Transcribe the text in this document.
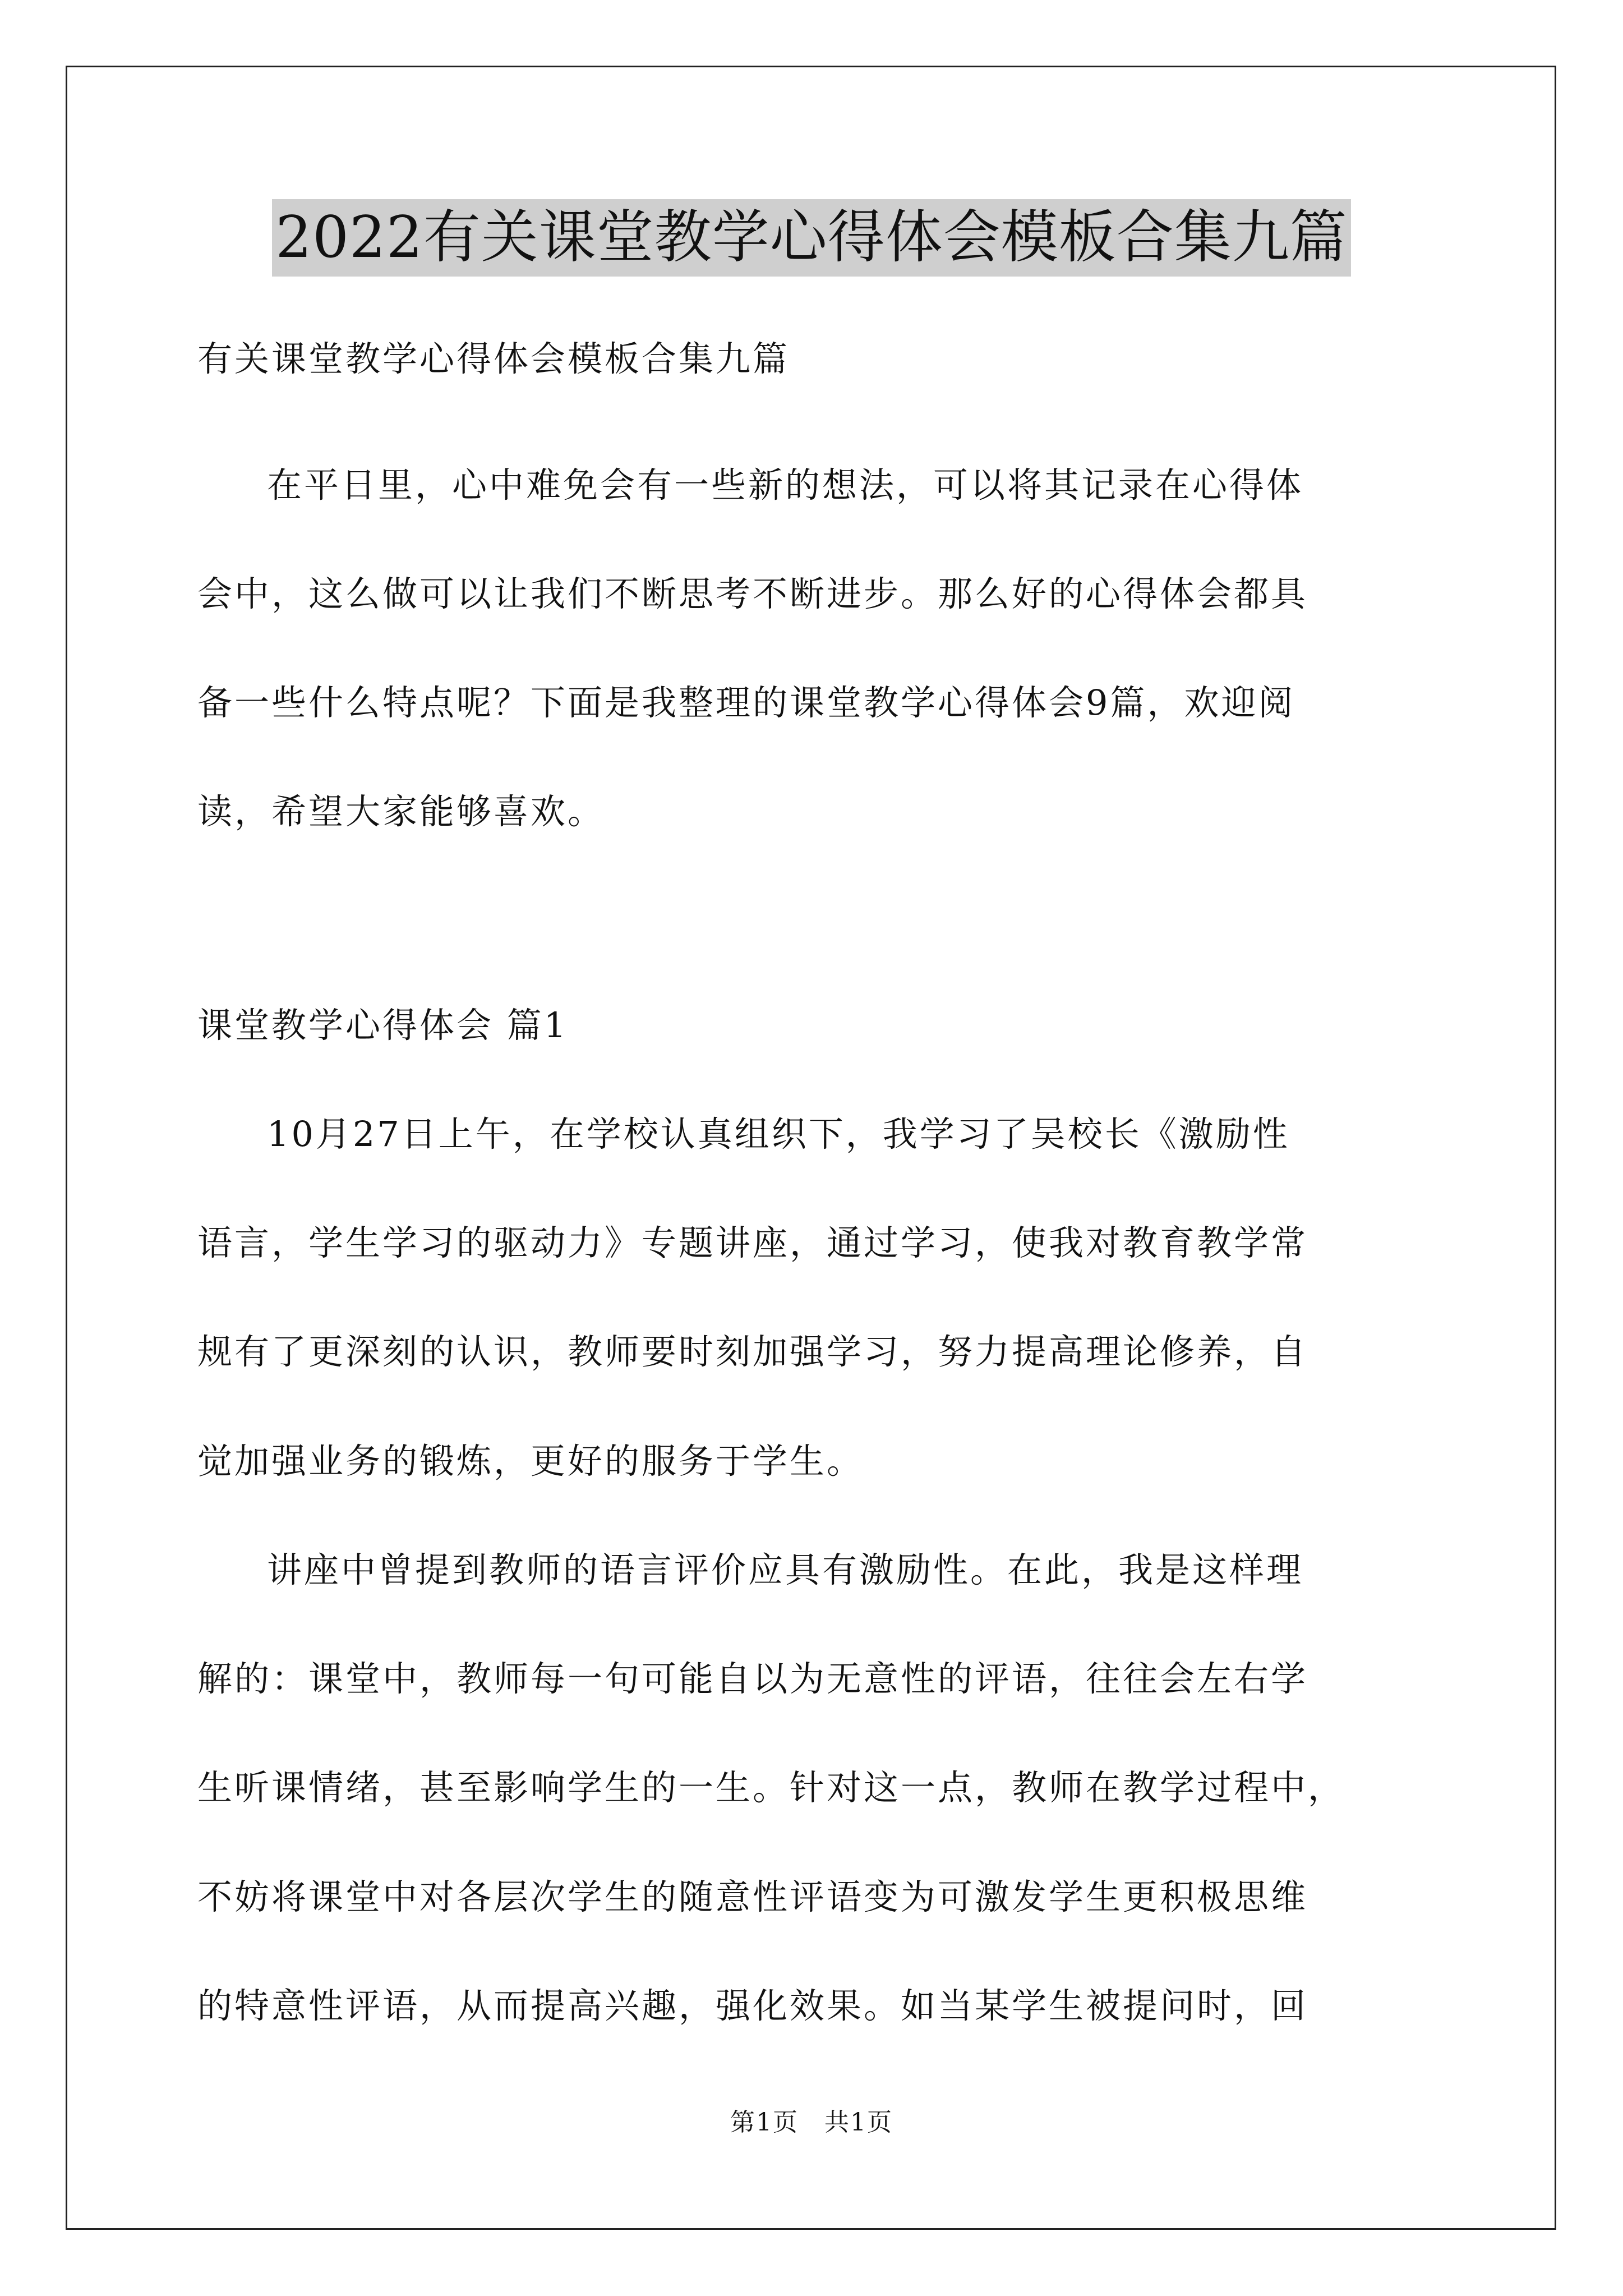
2022有关课堂教学心得体会模板合集九篇
有关课堂教学心得体会模板合集九篇
在平日里，心中难免会有一些新的想法，可以将其记录在心得体
会中，这么做可以让我们不断思考不断进步。那么好的心得体会都具
备一些什么特点呢？下面是我整理的课堂教学心得体会9篇，欢迎阅
读，希望大家能够喜欢。
课堂教学心得体会 篇1
10月27日上午，在学校认真组织下，我学习了吴校长《激励性
语言，学生学习的驱动力》专题讲座，通过学习，使我对教育教学常
规有了更深刻的认识，教师要时刻加强学习，努力提高理论修养，自
觉加强业务的锻炼，更好的服务于学生。
讲座中曾提到教师的语言评价应具有激励性。在此，我是这样理
解的：课堂中，教师每一句可能自以为无意性的评语，往往会左右学
生听课情绪，甚至影响学生的一生。针对这一点，教师在教学过程中，
不妨将课堂中对各层次学生的随意性评语变为可激发学生更积极思维
的特意性评语，从而提高兴趣，强化效果。如当某学生被提问时，回
第1页　共1页
